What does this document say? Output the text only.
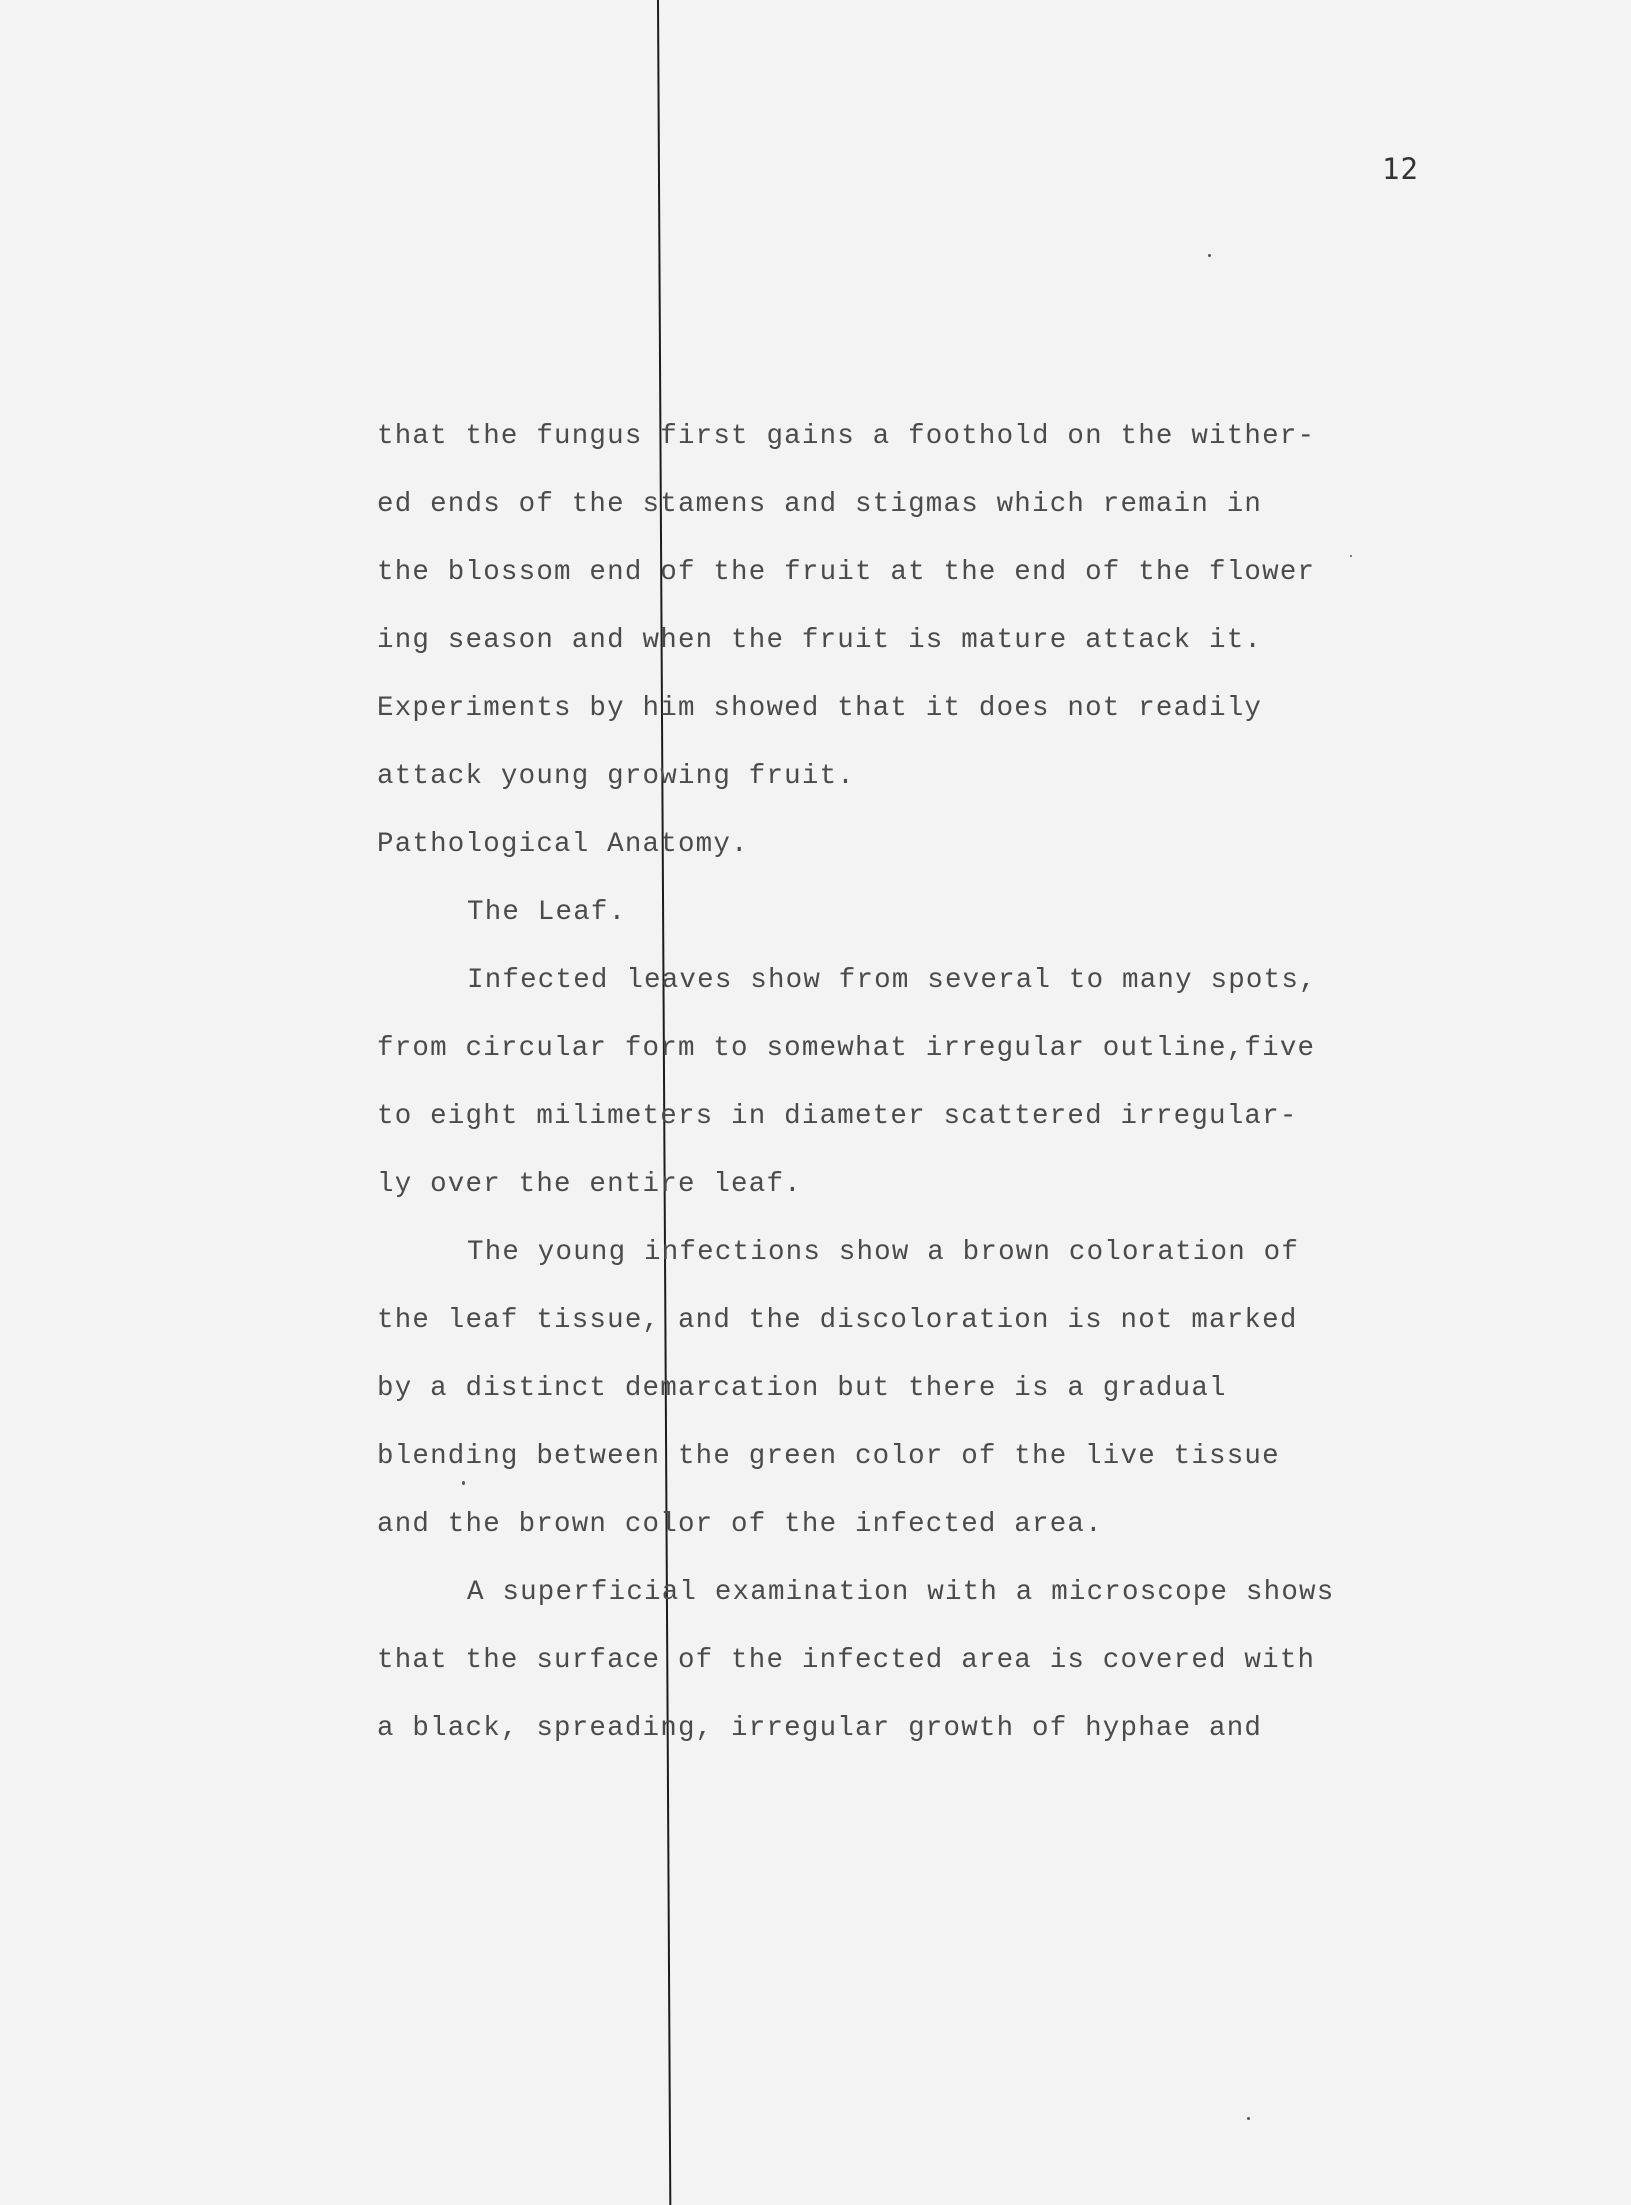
12
that the fungus first gains a foothold on the wither-
ed ends of the stamens and stigmas which remain in
the blossom end of the fruit at the end of the flower
ing season and when the fruit is mature attack it.
Experiments by him showed that it does not readily
attack young growing fruit.
Pathological Anatomy.
The Leaf.
Infected leaves show from several to many spots,
from circular form to somewhat irregular outline,five
to eight milimeters in diameter scattered irregular-
ly over the entire leaf.
The young infections show a brown coloration of
the leaf tissue, and the discoloration is not marked
by a distinct demarcation but there is a gradual
blending between the green color of the live tissue
and the brown color of the infected area.
A superficial examination with a microscope shows
that the surface of the infected area is covered with
a black, spreading, irregular growth of hyphae and
